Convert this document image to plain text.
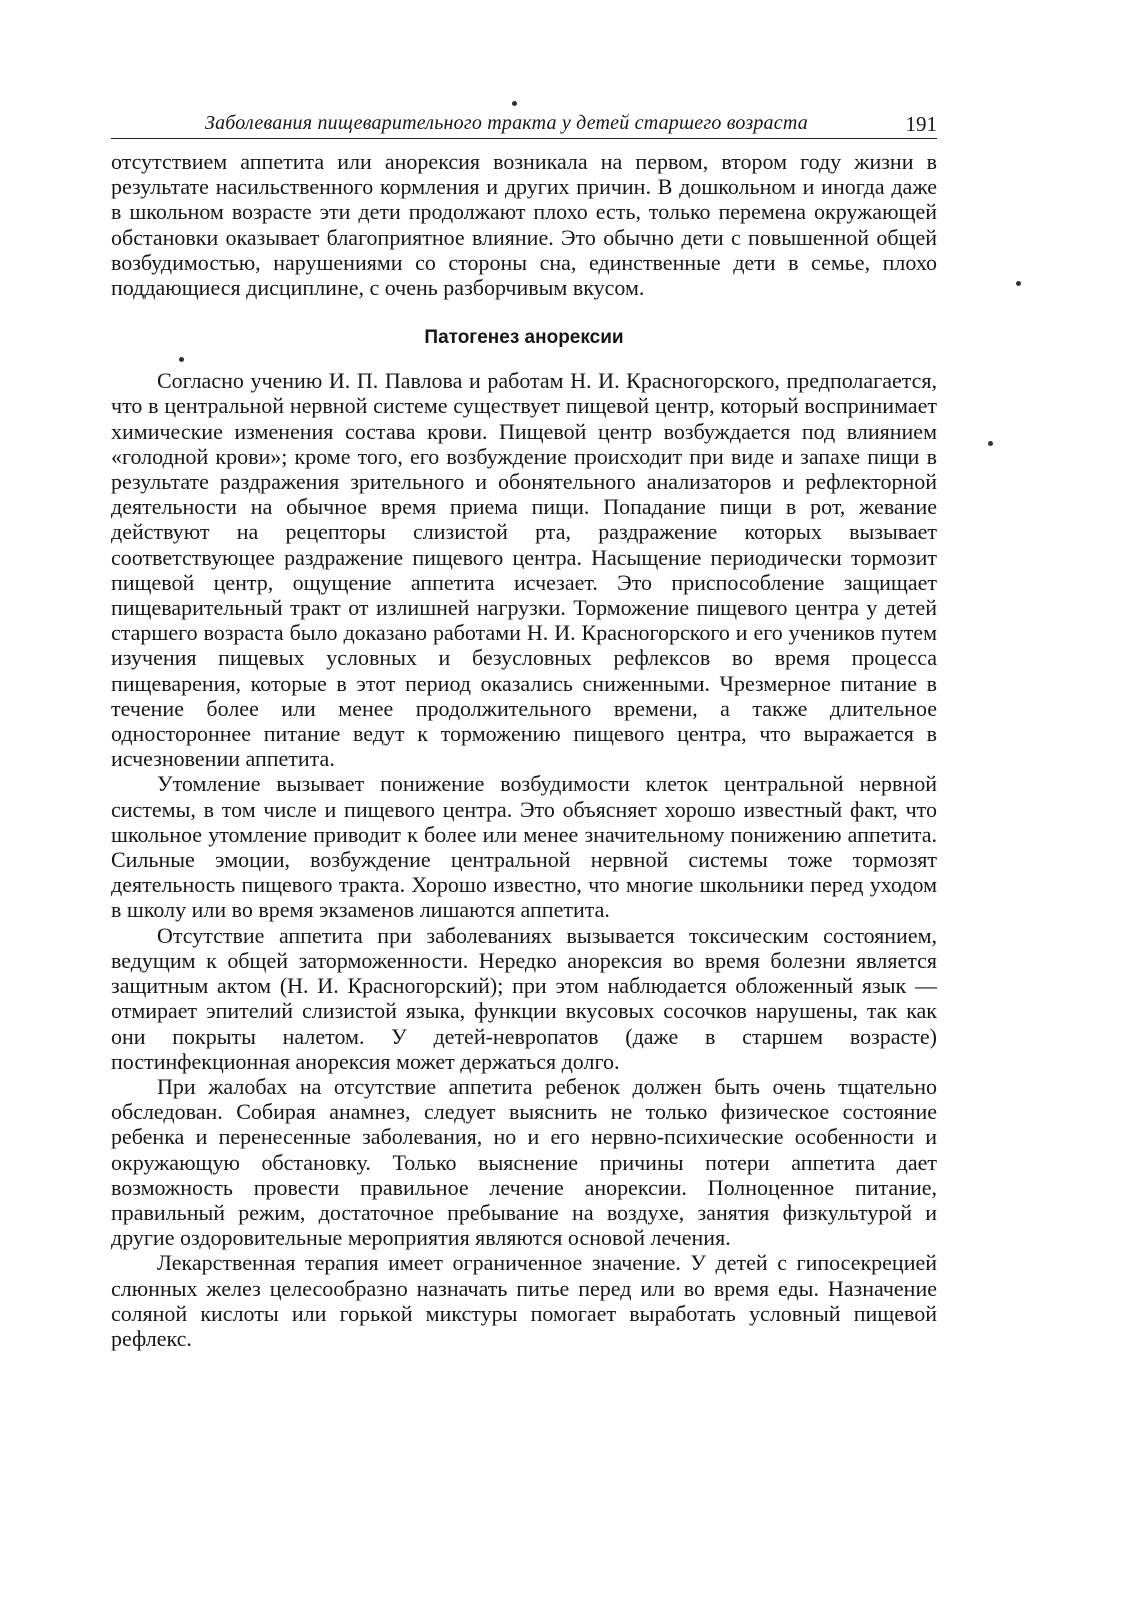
Заболевания пищеварительного тракта у детей старшего возраста	191

отсутствием аппетита или анорексия возникала на первом, втором году жизни в результате насильственного кормления и других причин. В дошкольном и иногда даже в школьном возрасте эти дети продолжают плохо есть, только перемена окружающей обстановки оказывает благоприятное влияние. Это обычно дети с повышенной общей возбудимостью, нарушениями со стороны сна, единственные дети в семье, плохо поддающиеся дисциплине, с очень разборчивым вкусом.

Патогенез анорексии

Согласно учению И. П. Павлова и работам Н. И. Красногорского, предполагается, что в центральной нервной системе существует пищевой центр, который воспринимает химические изменения состава крови. Пищевой центр возбуждается под влиянием «голодной крови»; кроме того, его возбуждение происходит при виде и запахе пищи в результате раздражения зрительного и обонятельного анализаторов и рефлекторной деятельности на обычное время приема пищи. Попадание пищи в рот, жевание действуют на рецепторы слизистой рта, раздражение которых вызывает соответствующее раздражение пищевого центра. Насыщение периодически тормозит пищевой центр, ощущение аппетита исчезает. Это приспособление защищает пищеварительный тракт от излишней нагрузки. Торможение пищевого центра у детей старшего возраста было доказано работами Н. И. Красногорского и его учеников путем изучения пищевых условных и безусловных рефлексов во время процесса пищеварения, которые в этот период оказались сниженными. Чрезмерное питание в течение более или менее продолжительного времени, а также длительное одностороннее питание ведут к торможению пищевого центра, что выражается в исчезновении аппетита.

Утомление вызывает понижение возбудимости клеток центральной нервной системы, в том числе и пищевого центра. Это объясняет хорошо известный факт, что школьное утомление приводит к более или менее значительному понижению аппетита. Сильные эмоции, возбуждение центральной нервной системы тоже тормозят деятельность пищевого тракта. Хорошо известно, что многие школьники перед уходом в школу или во время экзаменов лишаются аппетита.

Отсутствие аппетита при заболеваниях вызывается токсическим состоянием, ведущим к общей заторможенности. Нередко анорексия во время болезни является защитным актом (Н. И. Красногорский); при этом наблюдается обложенный язык — отмирает эпителий слизистой языка, функции вкусовых сосочков нарушены, так как они покрыты налетом. У детей-невропатов (даже в старшем возрасте) постинфекционная анорексия может держаться долго.

При жалобах на отсутствие аппетита ребенок должен быть очень тщательно обследован. Собирая анамнез, следует выяснить не только физическое состояние ребенка и перенесенные заболевания, но и его нервно-психические особенности и окружающую обстановку. Только выяснение причины потери аппетита дает возможность провести правильное лечение анорексии. Полноценное питание, правильный режим, достаточное пребывание на воздухе, занятия физкультурой и другие оздоровительные мероприятия являются основой лечения.

Лекарственная терапия имеет ограниченное значение. У детей с гипосекрецией слюнных желез целесообразно назначать питье перед или во время еды. Назначение соляной кислоты или горькой микстуры помогает выработать условный пищевой рефлекс.
